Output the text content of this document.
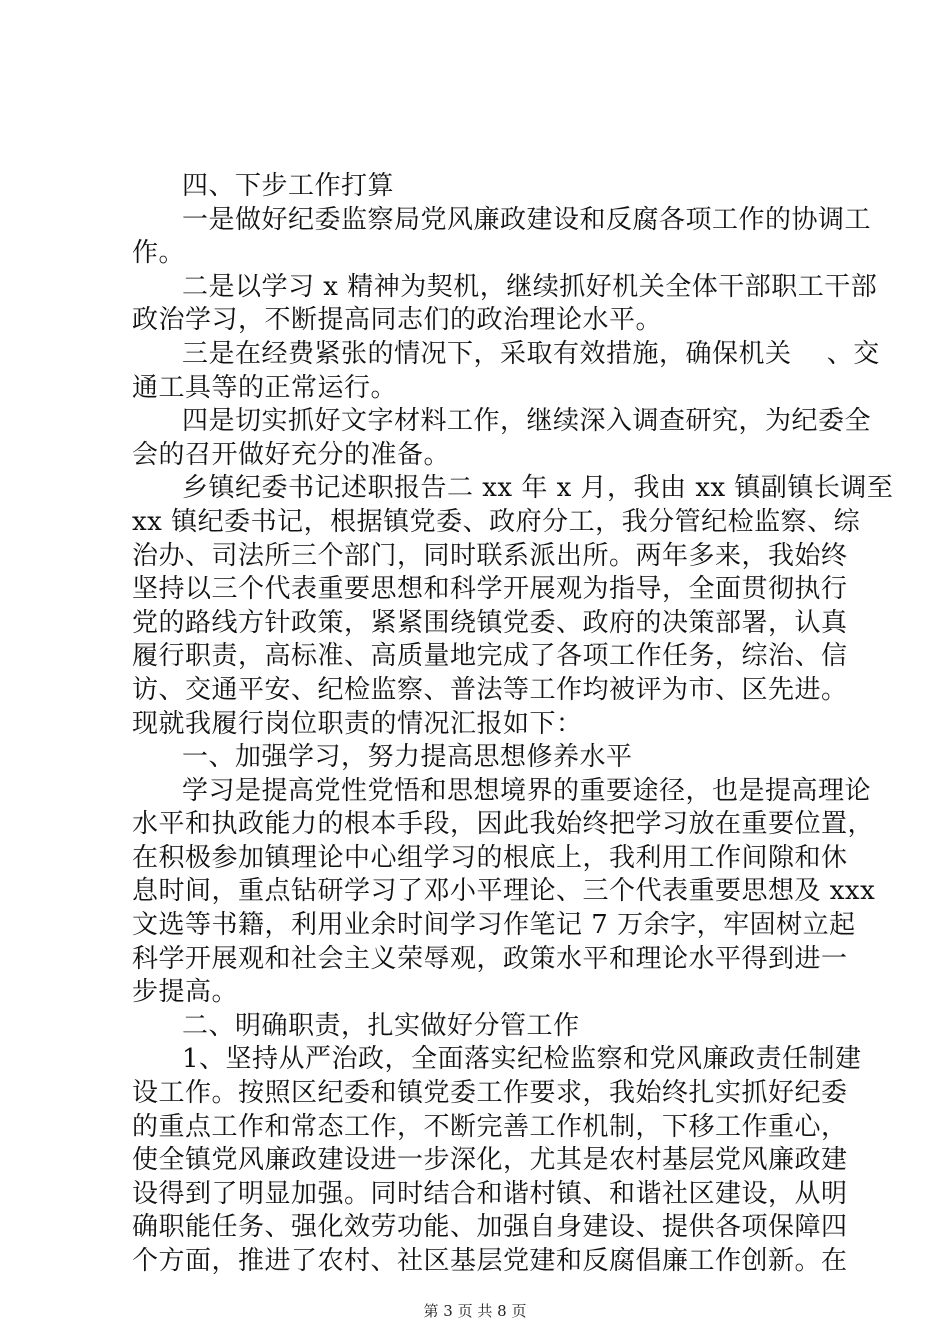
四、下步工作打算
一是做好纪委监察局党风廉政建设和反腐各项工作的协调工
作。
二是以学习 x 精神为契机，继续抓好机关全体干部职工干部
政治学习，不断提高同志们的政治理论水平。
三是在经费紧张的情况下，采取有效措施，确保机关　 、交
通工具等的正常运行。
四是切实抓好文字材料工作，继续深入调查研究，为纪委全
会的召开做好充分的准备。
乡镇纪委书记述职报告二 xx 年 x 月，我由 xx 镇副镇长调至
xx 镇纪委书记，根据镇党委、政府分工，我分管纪检监察、综
治办、司法所三个部门，同时联系派出所。两年多来，我始终
坚持以三个代表重要思想和科学开展观为指导，全面贯彻执行
党的路线方针政策，紧紧围绕镇党委、政府的决策部署，认真
履行职责，高标准、高质量地完成了各项工作任务，综治、信
访、交通平安、纪检监察、普法等工作均被评为市、区先进。
现就我履行岗位职责的情况汇报如下：
一、加强学习，努力提高思想修养水平
学习是提高党性党悟和思想境界的重要途径，也是提高理论
水平和执政能力的根本手段，因此我始终把学习放在重要位置，
在积极参加镇理论中心组学习的根底上，我利用工作间隙和休
息时间，重点钻研学习了邓小平理论、三个代表重要思想及 xxx
文选等书籍，利用业余时间学习作笔记 7 万余字，牢固树立起
科学开展观和社会主义荣辱观，政策水平和理论水平得到进一
步提高。
二、明确职责，扎实做好分管工作
1、坚持从严治政，全面落实纪检监察和党风廉政责任制建
设工作。按照区纪委和镇党委工作要求，我始终扎实抓好纪委
的重点工作和常态工作，不断完善工作机制，下移工作重心，
使全镇党风廉政建设进一步深化，尤其是农村基层党风廉政建
设得到了明显加强。同时结合和谐村镇、和谐社区建设，从明
确职能任务、强化效劳功能、加强自身建设、提供各项保障四
个方面，推进了农村、社区基层党建和反腐倡廉工作创新。在
第 3 页 共 8 页
